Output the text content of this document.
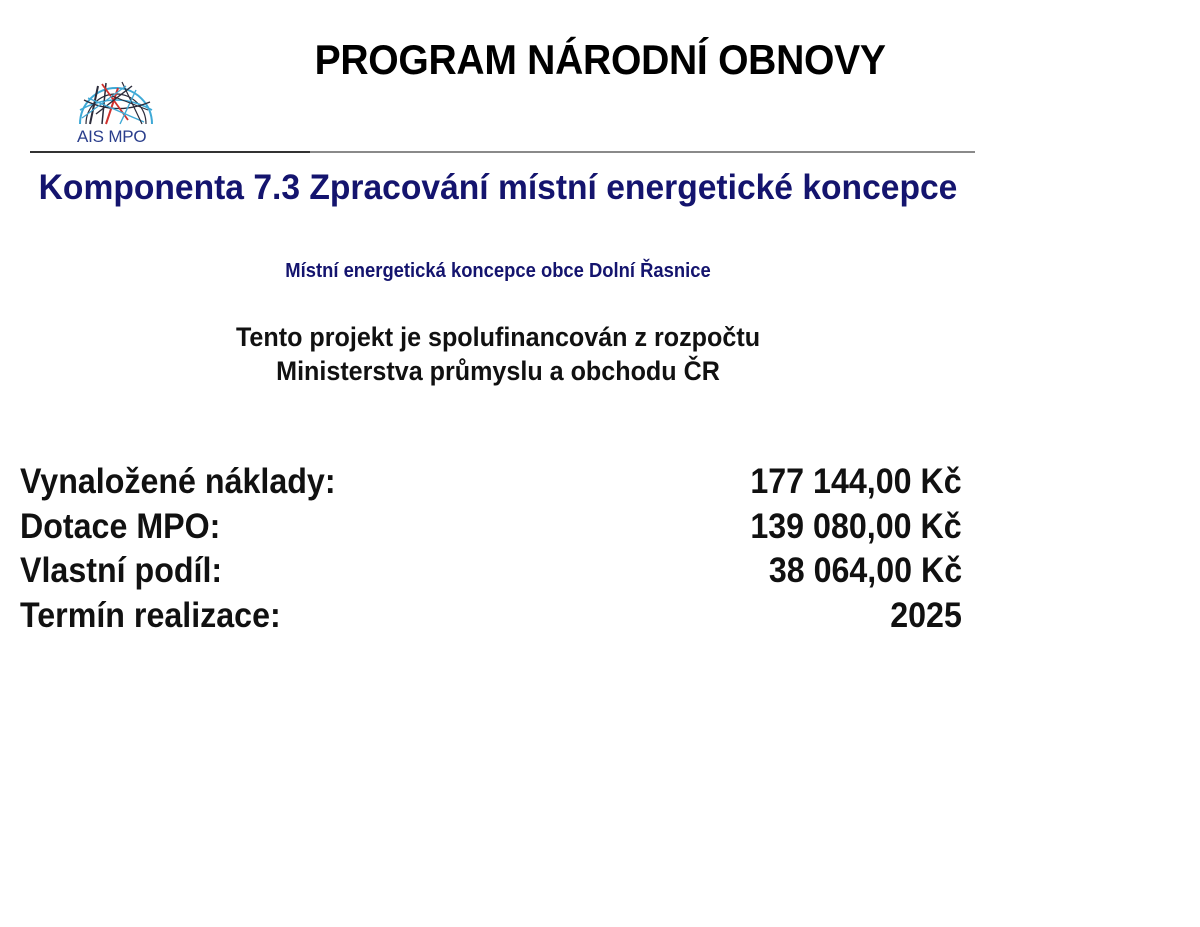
PROGRAM NÁRODNÍ OBNOVY
AIS MPO
Komponenta 7.3 Zpracování místní energetické koncepce
Místní energetická koncepce obce Dolní Řasnice
Tento projekt je spolufinancován z rozpočtu
Ministerstva průmyslu a obchodu ČR
Vynaložené náklady:	177 144,00 Kč
Dotace MPO:	139 080,00 Kč
Vlastní podíl:	38 064,00 Kč
Termín realizace:	2025
